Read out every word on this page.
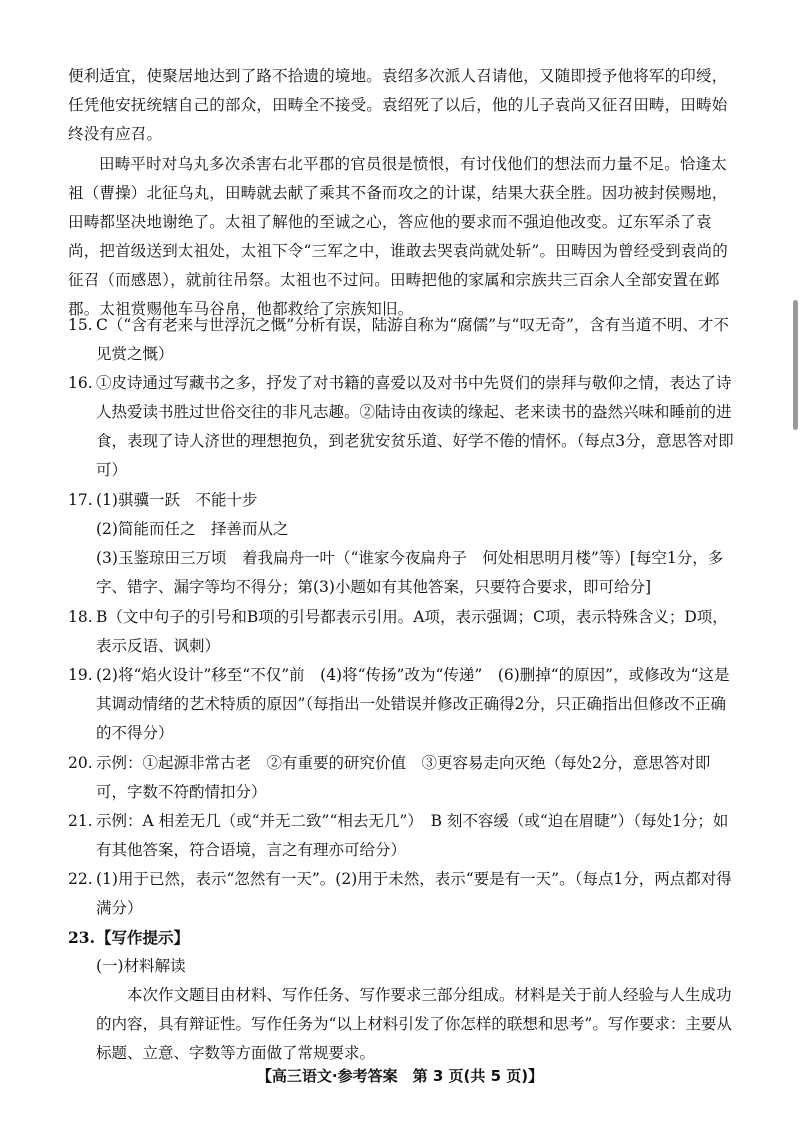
便利适宜，使聚居地达到了路不拾遗的境地。袁绍多次派人召请他，又随即授予他将军的印绶，任凭他安抚统辖自己的部众，田畴全不接受。袁绍死了以后，他的儿子袁尚又征召田畴，田畴始终没有应召。
田畴平时对乌丸多次杀害右北平郡的官员很是愤恨，有讨伐他们的想法而力量不足。恰逢太祖（曹操）北征乌丸，田畴就去献了乘其不备而攻之的计谋，结果大获全胜。因功被封侯赐地，田畴都坚决地谢绝了。太祖了解他的至诚之心，答应他的要求而不强迫他改变。辽东军杀了袁尚，把首级送到太祖处，太祖下令“三军之中，谁敢去哭袁尚就处斩”。田畴因为曾经受到袁尚的征召（而感恩），就前往吊祭。太祖也不过问。田畴把他的家属和宗族共三百余人全部安置在邺郡。太祖赏赐他车马谷帛，他都救给了宗族知旧。
15. C（“含有老来与世浮沉之慨”分析有误，陆游自称为“腐儒”与“叹无奇”，含有当道不明、才不见赏之慨）
16. ①皮诗通过写藏书之多，抒发了对书籍的喜爱以及对书中先贤们的崇拜与敬仰之情，表达了诗人热爱读书胜过世俗交往的非凡志趣。②陆诗由夜读的缘起、老来读书的盎然兴味和睡前的进食，表现了诗人济世的理想抱负，到老犹安贫乐道、好学不倦的情怀。（每点3分，意思答对即可）
17. (1)骐骥一跃　不能十步
(2)简能而任之　择善而从之
(3)玉鉴琼田三万顷　着我扁舟一叶（“谁家今夜扁舟子　何处相思明月楼”等）[每空1分，多字、错字、漏字等均不得分；第(3)小题如有其他答案，只要符合要求，即可给分]
18. B（文中句子的引号和B项的引号都表示引用。A项，表示强调；C项，表示特殊含义；D项，表示反语、讽刺）
19. (2)将“焰火设计”移至“不仅”前　(4)将“传扬”改为“传递”　(6)删掉“的原因”，或修改为“这是其调动情绪的艺术特质的原因”（每指出一处错误并修改正确得2分，只正确指出但修改不正确的不得分）
20. 示例：①起源非常古老　②有重要的研究价值　③更容易走向灭绝（每处2分，意思答对即可，字数不符酌情扣分）
21. 示例：A 相差无几（或“并无二致”“相去无几”）　B 刻不容缓（或“迫在眉睫”）（每处1分；如有其他答案，符合语境，言之有理亦可给分）
22. (1)用于已然，表示“忽然有一天”。(2)用于未然，表示“要是有一天”。（每点1分，两点都对得满分）
23. 【写作提示】
(一)材料解读
本次作文题目由材料、写作任务、写作要求三部分组成。材料是关于前人经验与人生成功的内容，具有辩证性。写作任务为“以上材料引发了你怎样的联想和思考”。写作要求：主要从标题、立意、字数等方面做了常规要求。
【高三语文·参考答案　第 3 页(共 5 页)】
